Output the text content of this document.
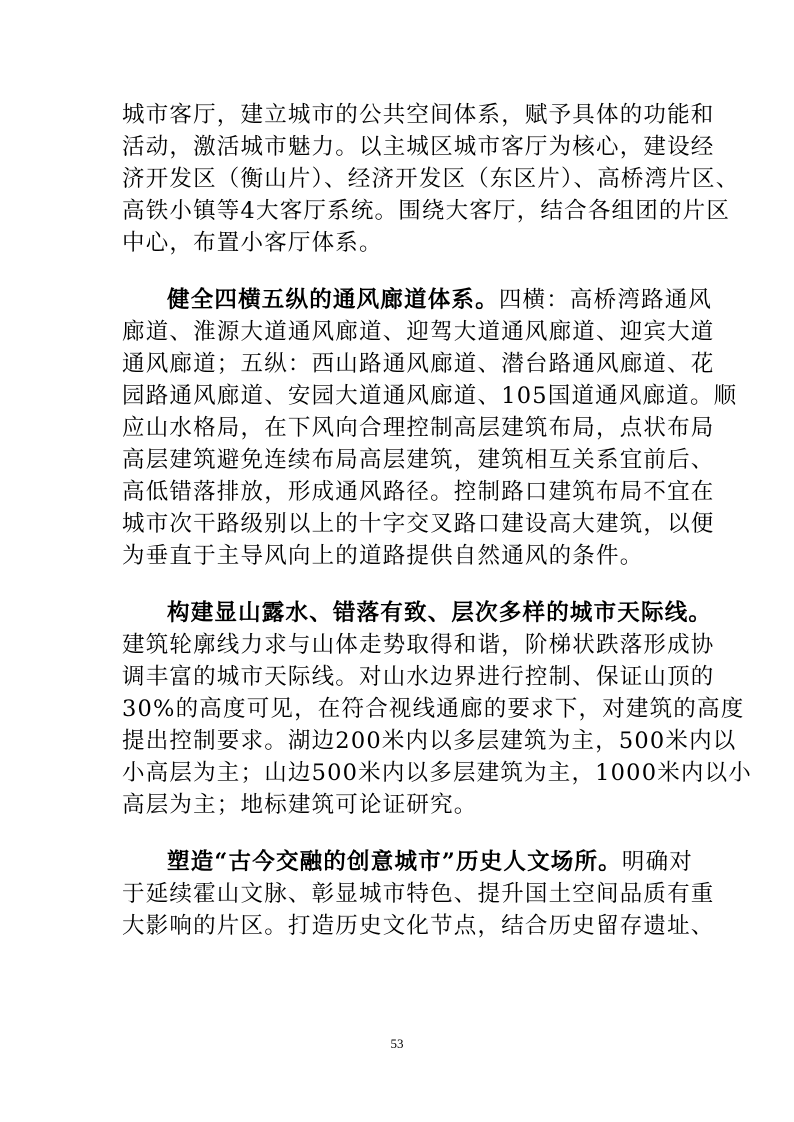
城市客厅，建立城市的公共空间体系，赋予具体的功能和
活动，激活城市魅力。以主城区城市客厅为核心，建设经
济开发区（衡山片）、经济开发区（东区片）、高桥湾片区、
高铁小镇等4大客厅系统。围绕大客厅，结合各组团的片区
中心，布置小客厅体系。
健全四横五纵的通风廊道体系。四横：高桥湾路通风
廊道、淮源大道通风廊道、迎驾大道通风廊道、迎宾大道
通风廊道；五纵：西山路通风廊道、潜台路通风廊道、花
园路通风廊道、安园大道通风廊道、105国道通风廊道。顺
应山水格局，在下风向合理控制高层建筑布局，点状布局
高层建筑避免连续布局高层建筑，建筑相互关系宜前后、
高低错落排放，形成通风路径。控制路口建筑布局不宜在
城市次干路级别以上的十字交叉路口建设高大建筑，以便
为垂直于主导风向上的道路提供自然通风的条件。
构建显山露水、错落有致、层次多样的城市天际线。
建筑轮廓线力求与山体走势取得和谐，阶梯状跌落形成协
调丰富的城市天际线。对山水边界进行控制、保证山顶的
30%的高度可见，在符合视线通廊的要求下，对建筑的高度
提出控制要求。湖边200米内以多层建筑为主，500米内以
小高层为主；山边500米内以多层建筑为主，1000米内以小
高层为主；地标建筑可论证研究。
塑造“古今交融的创意城市”历史人文场所。明确对
于延续霍山文脉、彰显城市特色、提升国土空间品质有重
大影响的片区。打造历史文化节点，结合历史留存遗址、
53
